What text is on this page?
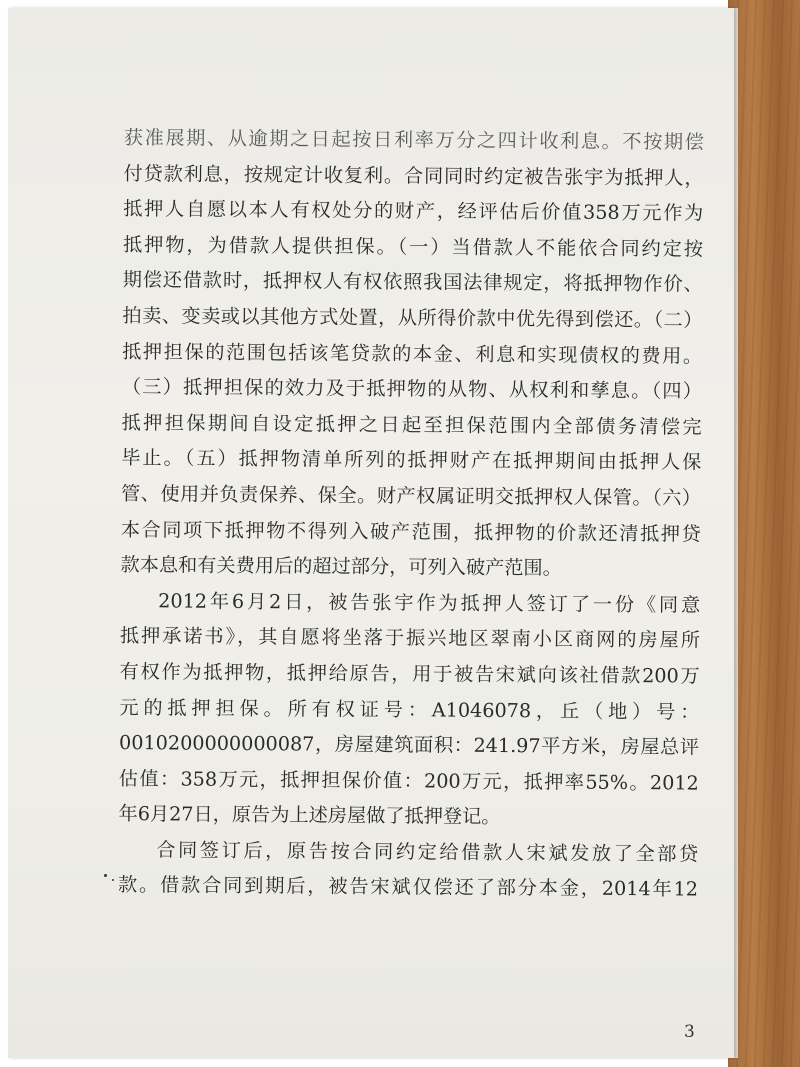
获准展期、从逾期之日起按日利率万分之四计收利息。不按期偿
付贷款利息，按规定计收复利。合同同时约定被告张宇为抵押人，
抵押人自愿以本人有权处分的财产，经评估后价值358万元作为
抵押物，为借款人提供担保。（一）当借款人不能依合同约定按
期偿还借款时，抵押权人有权依照我国法律规定，将抵押物作价、
拍卖、变卖或以其他方式处置，从所得价款中优先得到偿还。（二）
抵押担保的范围包括该笔贷款的本金、利息和实现债权的费用。
（三）抵押担保的效力及于抵押物的从物、从权利和孳息。（四）
抵押担保期间自设定抵押之日起至担保范围内全部债务清偿完
毕止。（五）抵押物清单所列的抵押财产在抵押期间由抵押人保
管、使用并负责保养、保全。财产权属证明交抵押权人保管。（六）
本合同项下抵押物不得列入破产范围，抵押物的价款还清抵押贷
款本息和有关费用后的超过部分，可列入破产范围。
2012年6月2日，被告张宇作为抵押人签订了一份《同意
抵押承诺书》，其自愿将坐落于振兴地区翠南小区商网的房屋所
有权作为抵押物，抵押给原告，用于被告宋斌向该社借款200万
元的抵押担保。所有权证号：A1046078，丘（地）号：
0010200000000087，房屋建筑面积：241.97平方米，房屋总评
估值：358万元，抵押担保价值：200万元，抵押率55%。2012
年6月27日，原告为上述房屋做了抵押登记。
合同签订后，原告按合同约定给借款人宋斌发放了全部贷
款。借款合同到期后，被告宋斌仅偿还了部分本金，2014年12
3
